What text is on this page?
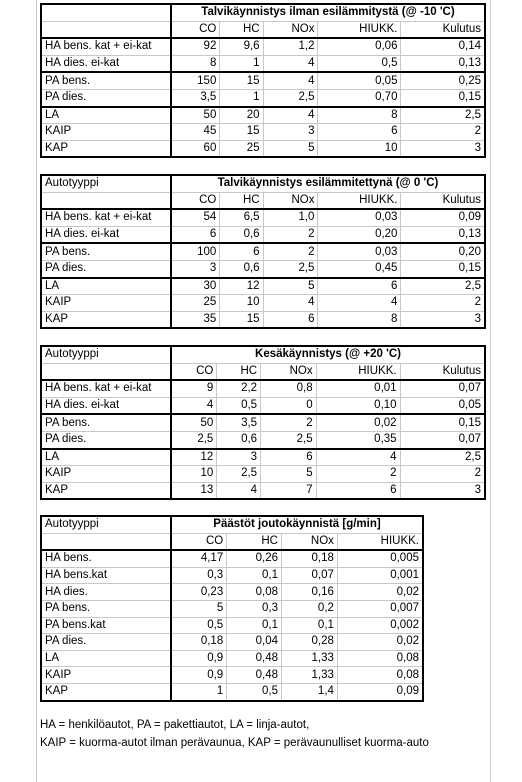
	Talvikäynnistys ilman esilämmitystä (@ -10 'C)				
	CO	HC	NOx	HIUKK.	Kulutus
HA bens. kat + ei-kat	92	9,6	1,2	0,06	0,14
HA dies. ei-kat	8	1	4	0,5	0,13
PA bens.	150	15	4	0,05	0,25
PA dies.	3,5	1	2,5	0,70	0,15
LA	50	20	4	8	2,5
KAIP	45	15	3	6	2
KAP	60	25	5	10	3
Autotyyppi	Talvikäynnistys esilämmitettynä (@ 0 'C)				
	CO	HC	NOx	HIUKK.	Kulutus
HA bens. kat + ei-kat	54	6,5	1,0	0,03	0,09
HA dies. ei-kat	6	0,6	2	0,20	0,13
PA bens.	100	6	2	0,03	0,20
PA dies.	3	0,6	2,5	0,45	0,15
LA	30	12	5	6	2,5
KAIP	25	10	4	4	2
KAP	35	15	6	8	3
Autotyyppi	Kesäkäynnistys (@ +20 'C)				
	CO	HC	NOx	HIUKK.	Kulutus
HA bens. kat + ei-kat	9	2,2	0,8	0,01	0,07
HA dies. ei-kat	4	0,5	0	0,10	0,05
PA bens.	50	3,5	2	0,02	0,15
PA dies.	2,5	0,6	2,5	0,35	0,07
LA	12	3	6	4	2,5
KAIP	10	2,5	5	2	2
KAP	13	4	7	6	3
Autotyyppi	Päästöt joutokäynnistä [g/min]			
	CO	HC	NOx	HIUKK.
HA bens.	4,17	0,26	0,18	0,005
HA bens.kat	0,3	0,1	0,07	0,001
HA dies.	0,23	0,08	0,16	0,02
PA bens.	5	0,3	0,2	0,007
PA bens.kat	0,5	0,1	0,1	0,002
PA dies.	0,18	0,04	0,28	0,02
LA	0,9	0,48	1,33	0,08
KAIP	0,9	0,48	1,33	0,08
KAP	1	0,5	1,4	0,09
HA = henkilöautot, PA = pakettiautot, LA = linja-autot,
KAIP = kuorma-autot ilman perävaunua, KAP = perävaunulliset kuorma-auto
